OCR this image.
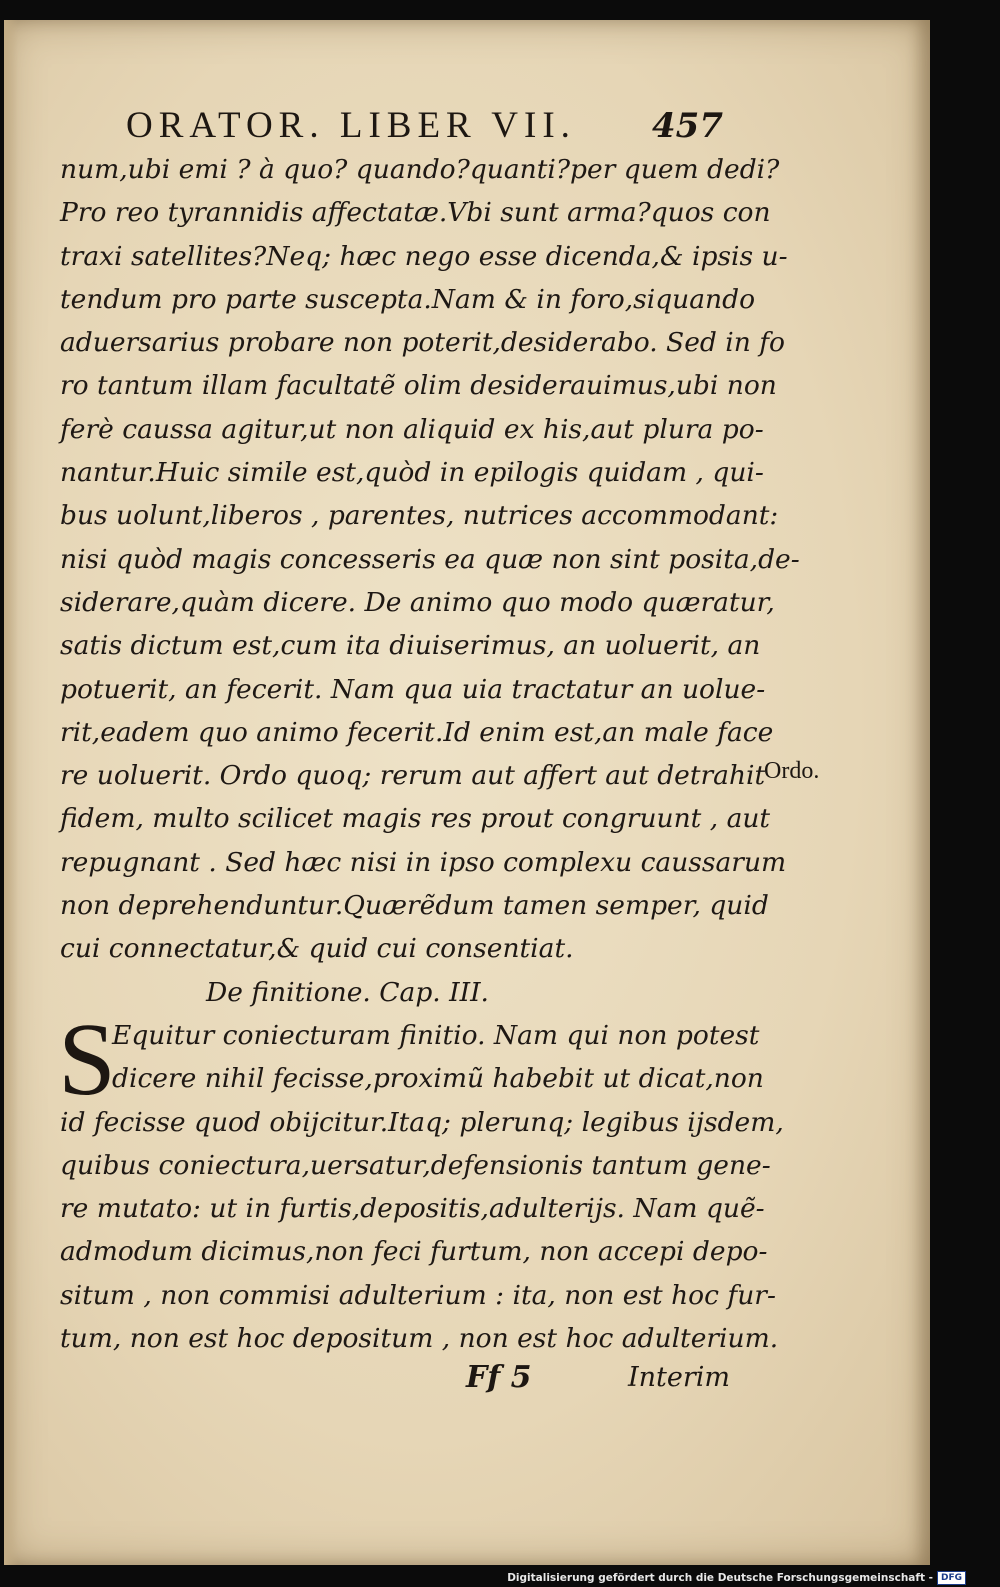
ORATOR. LIBER VII. 457
num,ubi emi ? à quo? quando?quanti?per quem dedi?
Pro reo tyrannidis affectatæ.Vbi sunt arma?quos con
traxi satellites?Neq; hæc nego esse dicenda,& ipsis u-
tendum pro parte suscepta.Nam & in foro,siquando
aduersarius probare non poterit,desiderabo. Sed in fo
ro tantum illam facultatẽ olim desiderauimus,ubi non
ferè caussa agitur,ut non aliquid ex his,aut plura po-
nantur.Huic simile est,quòd in epilogis quidam , qui-
bus uolunt,liberos , parentes, nutrices accommodant:
nisi quòd magis concesseris ea quæ non sint posita,de-
siderare,quàm dicere. De animo quo modo quæratur,
satis dictum est,cum ita diuiserimus, an uoluerit, an
potuerit, an fecerit. Nam qua uia tractatur an uolue-
rit,eadem quo animo fecerit.Id enim est,an male face
re uoluerit. Ordo quoq; rerum aut affert aut detrahit
fidem, multo scilicet magis res prout congruunt , aut
repugnant . Sed hæc nisi in ipso complexu caussarum
non deprehenduntur.Quærẽdum tamen semper, quid
cui connectatur,& quid cui consentiat.
De finitione. Cap. III.
S
Equitur coniecturam finitio. Nam qui non potest
dicere nihil fecisse,proximũ habebit ut dicat,non
id fecisse quod obijcitur.Itaq; plerunq; legibus ijsdem,
quibus coniectura,uersatur,defensionis tantum gene-
re mutato: ut in furtis,depositis,adulterijs. Nam quẽ-
admodum dicimus,non feci furtum, non accepi depo-
situm , non commisi adulterium : ita, non est hoc fur-
tum, non est hoc depositum , non est hoc adulterium.
Ordo.
Ff 5	Interim
Digitalisierung gefördert durch die Deutsche Forschungsgemeinschaft - DFG
